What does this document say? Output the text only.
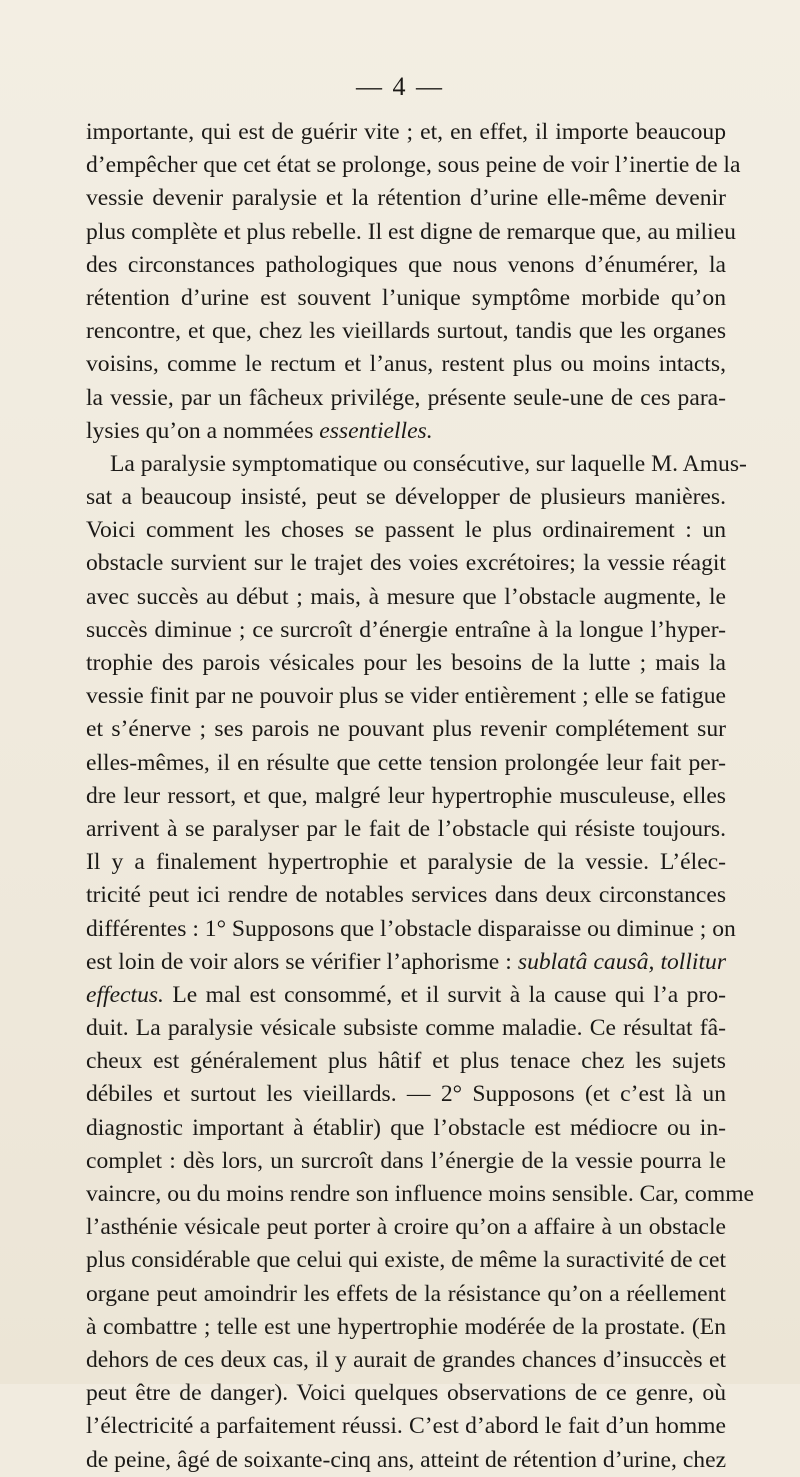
— 4 —
importante, qui est de guérir vite ; et, en effet, il importe beaucoup
d’empêcher que cet état se prolonge, sous peine de voir l’inertie de la
vessie devenir paralysie et la rétention d’urine elle-même devenir
plus complète et plus rebelle. Il est digne de remarque que, au milieu
des circonstances pathologiques que nous venons d’énumérer, la
rétention d’urine est souvent l’unique symptôme morbide qu’on
rencontre, et que, chez les vieillards surtout, tandis que les organes
voisins, comme le rectum et l’anus, restent plus ou moins intacts,
la vessie, par un fâcheux privilége, présente seule-une de ces para-
lysies qu’on a nommées essentielles.
La paralysie symptomatique ou consécutive, sur laquelle M. Amus-
sat a beaucoup insisté, peut se développer de plusieurs manières.
Voici comment les choses se passent le plus ordinairement : un
obstacle survient sur le trajet des voies excrétoires; la vessie réagit
avec succès au début ; mais, à mesure que l’obstacle augmente, le
succès diminue ; ce surcroît d’énergie entraîne à la longue l’hyper-
trophie des parois vésicales pour les besoins de la lutte ; mais la
vessie finit par ne pouvoir plus se vider entièrement ; elle se fatigue
et s’énerve ; ses parois ne pouvant plus revenir complétement sur
elles-mêmes, il en résulte que cette tension prolongée leur fait per-
dre leur ressort, et que, malgré leur hypertrophie musculeuse, elles
arrivent à se paralyser par le fait de l’obstacle qui résiste toujours.
Il y a finalement hypertrophie et paralysie de la vessie. L’élec-
tricité peut ici rendre de notables services dans deux circonstances
différentes : 1° Supposons que l’obstacle disparaisse ou diminue ; on
est loin de voir alors se vérifier l’aphorisme : sublatâ causâ, tollitur
effectus. Le mal est consommé, et il survit à la cause qui l’a pro-
duit. La paralysie vésicale subsiste comme maladie. Ce résultat fâ-
cheux est généralement plus hâtif et plus tenace chez les sujets
débiles et surtout les vieillards. — 2° Supposons (et c’est là un
diagnostic important à établir) que l’obstacle est médiocre ou in-
complet : dès lors, un surcroît dans l’énergie de la vessie pourra le
vaincre, ou du moins rendre son influence moins sensible. Car, comme
l’asthénie vésicale peut porter à croire qu’on a affaire à un obstacle
plus considérable que celui qui existe, de même la suractivité de cet
organe peut amoindrir les effets de la résistance qu’on a réellement
à combattre ; telle est une hypertrophie modérée de la prostate. (En
dehors de ces deux cas, il y aurait de grandes chances d’insuccès et
peut être de danger). Voici quelques observations de ce genre, où
l’électricité a parfaitement réussi. C’est d’abord le fait d’un homme
de peine, âgé de soixante-cinq ans, atteint de rétention d’urine, chez
